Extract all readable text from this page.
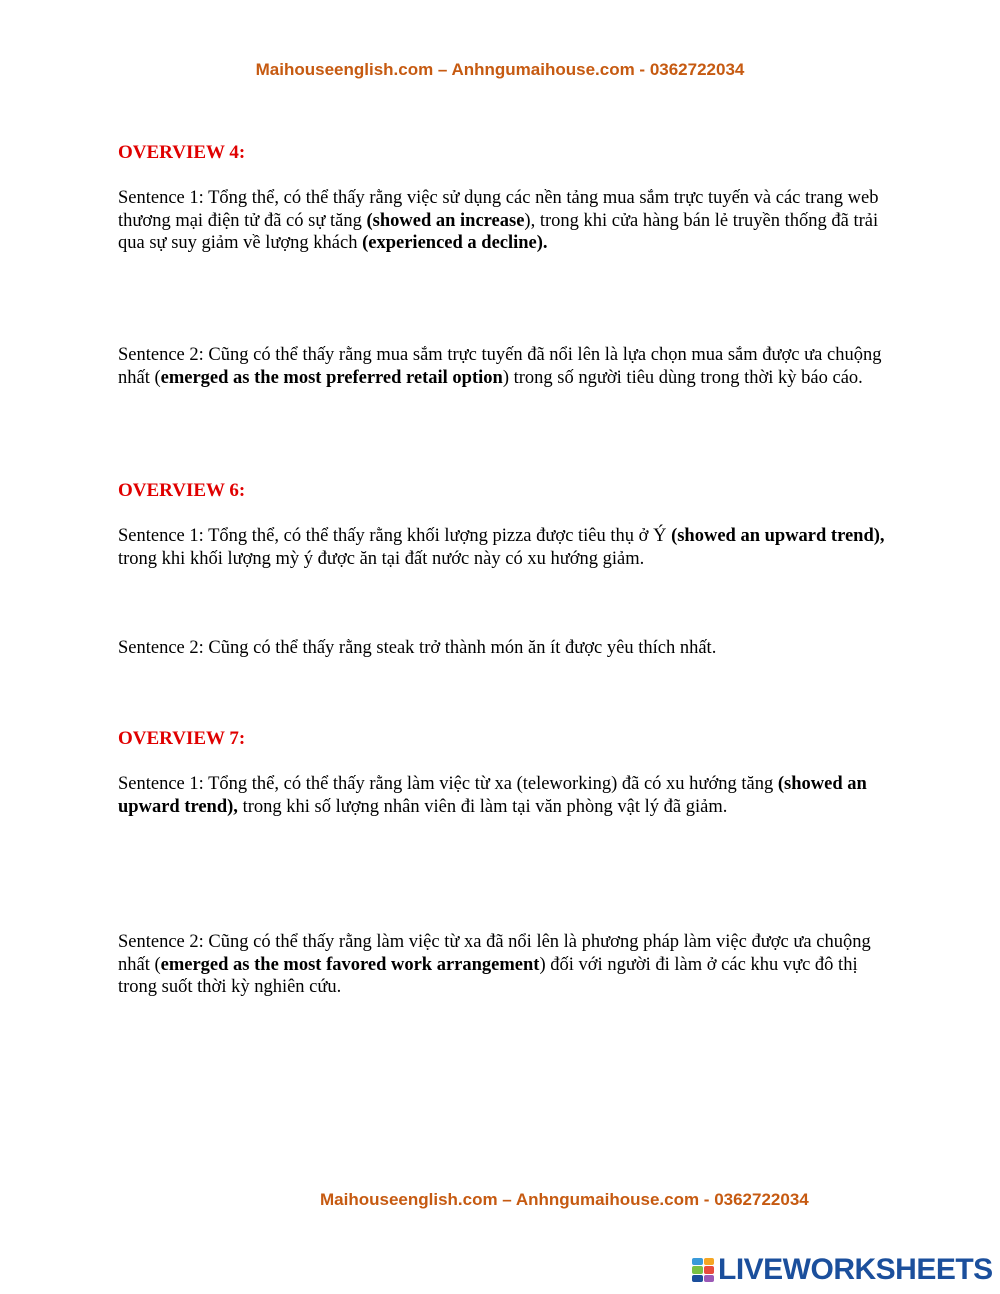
Maihouseenglish.com – Anhngumaihouse.com - 0362722034
OVERVIEW 4:
Sentence 1: Tổng thể, có thể thấy rằng việc sử dụng các nền tảng mua sắm trực tuyến và các trang web thương mại điện tử đã có sự tăng (showed an increase), trong khi cửa hàng bán lẻ truyền thống đã trải qua sự suy giảm về lượng khách (experienced a decline).
Sentence 2: Cũng có thể thấy rằng mua sắm trực tuyến đã nổi lên là lựa chọn mua sắm được ưa chuộng nhất (emerged as the most preferred retail option) trong số người tiêu dùng trong thời kỳ báo cáo.
OVERVIEW 6:
Sentence 1: Tổng thể, có thể thấy rằng khối lượng pizza được tiêu thụ ở Ý (showed an upward trend), trong khi khối lượng mỳ ý được ăn tại đất nước này có xu hướng giảm.
Sentence 2: Cũng có thể thấy rằng steak trở thành món ăn ít được yêu thích nhất.
OVERVIEW 7:
Sentence 1: Tổng thể, có thể thấy rằng làm việc từ xa (teleworking) đã có xu hướng tăng (showed an upward trend), trong khi số lượng nhân viên đi làm tại văn phòng vật lý đã giảm.
Sentence 2: Cũng có thể thấy rằng làm việc từ xa đã nổi lên là phương pháp làm việc được ưa chuộng nhất (emerged as the most favored work arrangement) đối với người đi làm ở các khu vực đô thị trong suốt thời kỳ nghiên cứu.
Maihouseenglish.com – Anhngumaihouse.com - 0362722034
LIVEWORKSHEETS
